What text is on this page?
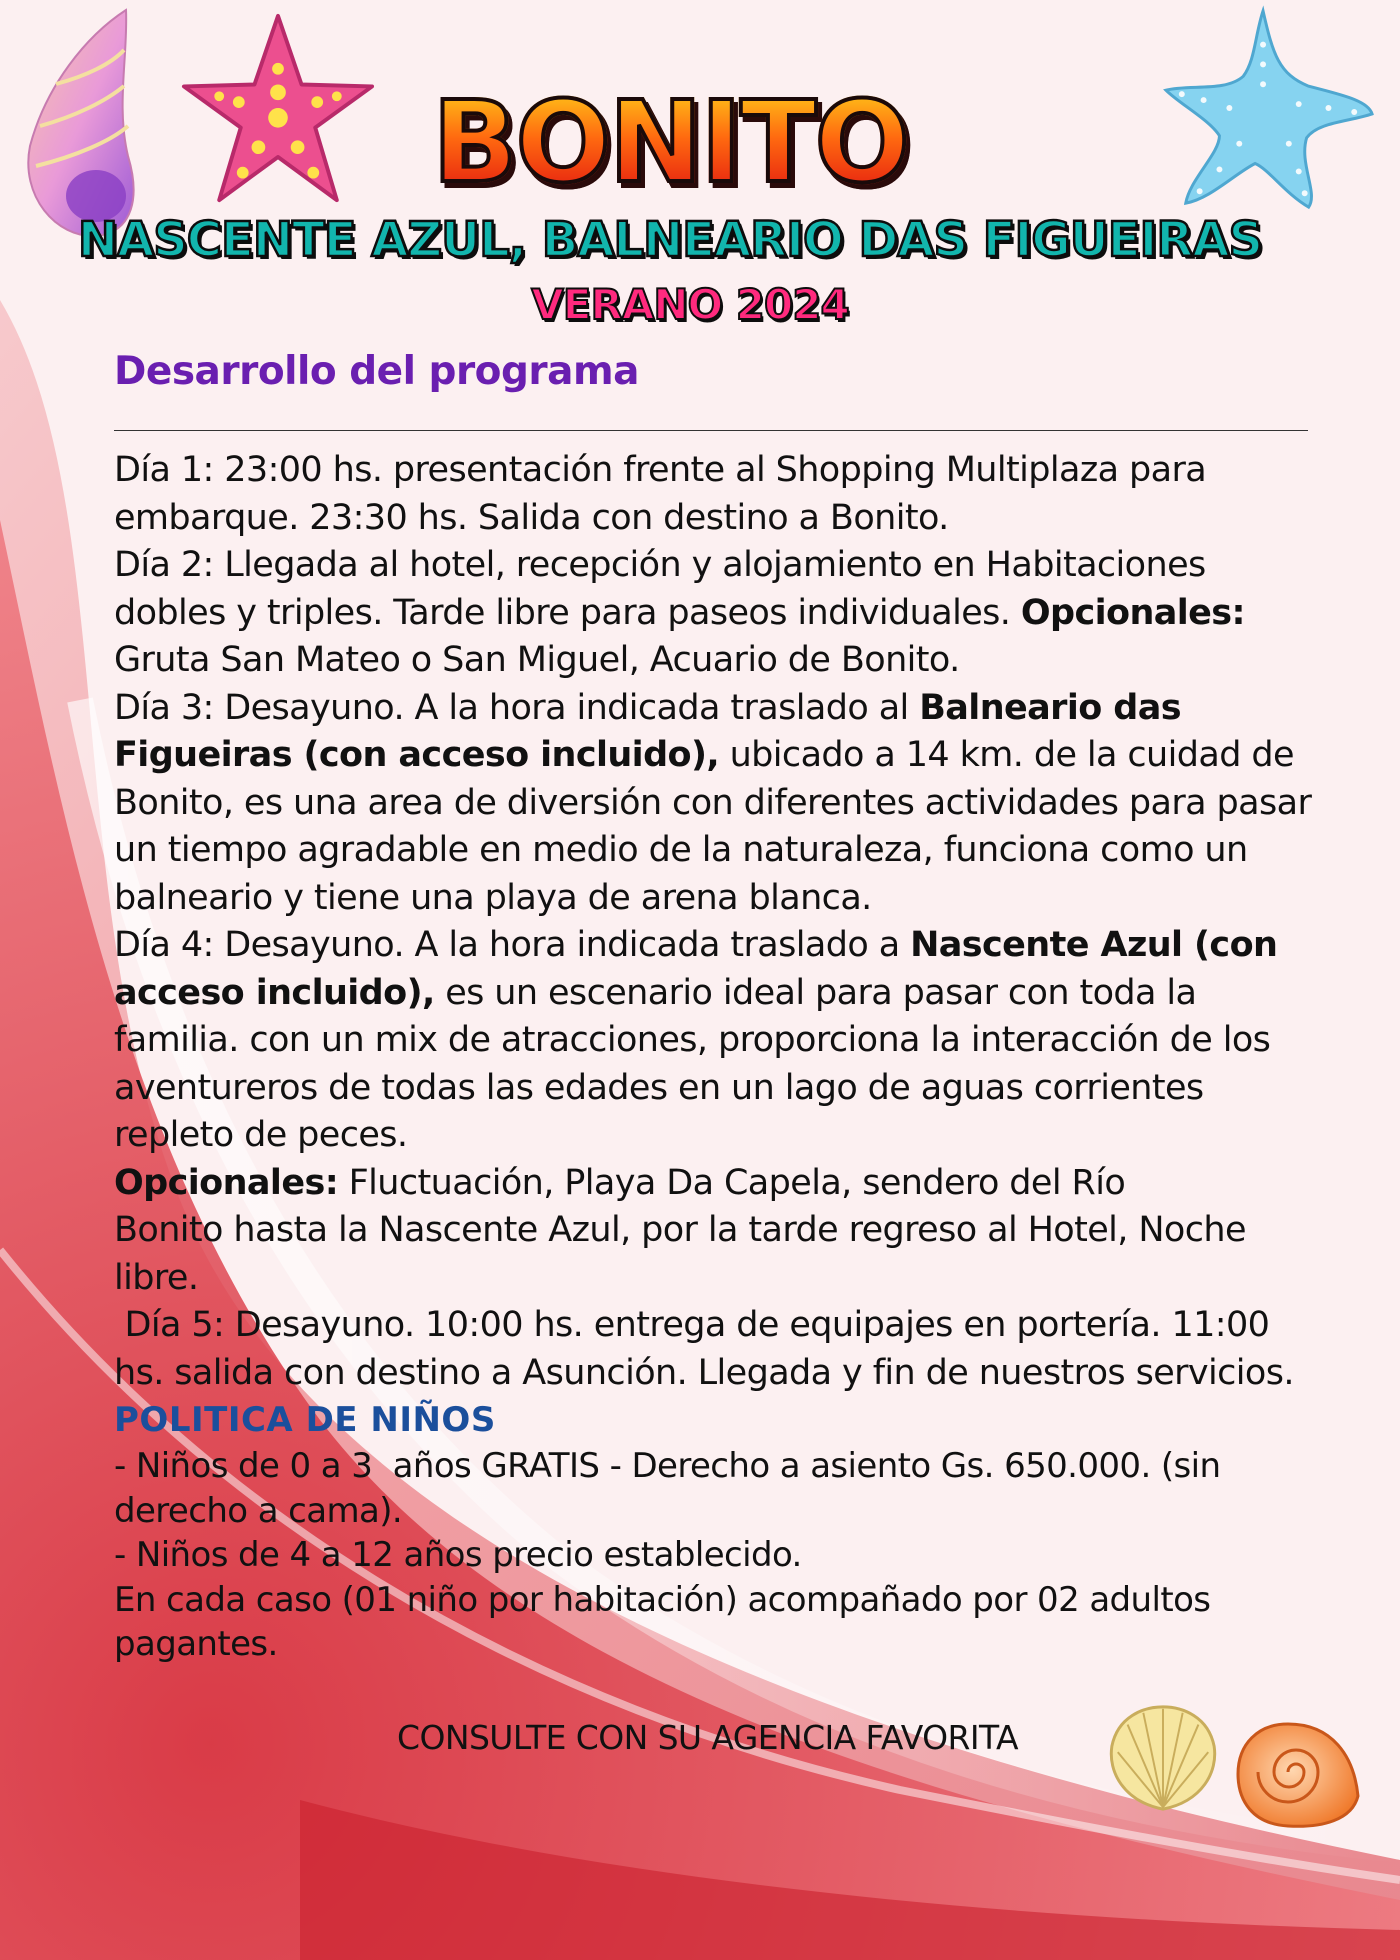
BONITO
NASCENTE AZUL, BALNEARIO DAS FIGUEIRAS
VERANO 2024
Desarrollo del programa

Día 1: 23:00 hs. presentación frente al Shopping Multiplaza para embarque. 23:30 hs. Salida con destino a Bonito.

Día 2: Llegada al hotel, recepción y alojamiento en Habitaciones dobles y triples. Tarde libre para paseos individuales. Opcionales: Gruta San Mateo o San Miguel, Acuario de Bonito.

Día 3: Desayuno. A la hora indicada traslado al Balneario das Figueiras (con acceso incluido), ubicado a 14 km. de la cuidad de Bonito, es una area de diversión con diferentes actividades para pasar un tiempo agradable en medio de la naturaleza, funciona como un balneario y tiene una playa de arena blanca.

Día 4: Desayuno. A la hora indicada traslado a Nascente Azul (con acceso incluido), es un escenario ideal para pasar con toda la familia. con un mix de atracciones, proporciona la interacción de los aventureros de todas las edades en un lago de aguas corrientes repleto de peces.

Opcionales: Fluctuación, Playa Da Capela, sendero del Río
Bonito hasta la Nascente Azul, por la tarde regreso al Hotel, Noche libre.

Día 5: Desayuno. 10:00 hs. entrega de equipajes en portería. 11:00 hs. salida con destino a Asunción. Llegada y fin de nuestros servicios.

POLITICA DE NIÑOS

- Niños de 0 a 3  años GRATIS - Derecho a asiento Gs. 650.000. (sin derecho a cama).

- Niños de 4 a 12 años precio establecido.

En cada caso (01 niño por habitación) acompañado por 02 adultos pagantes.

CONSULTE CON SU AGENCIA FAVORITA
